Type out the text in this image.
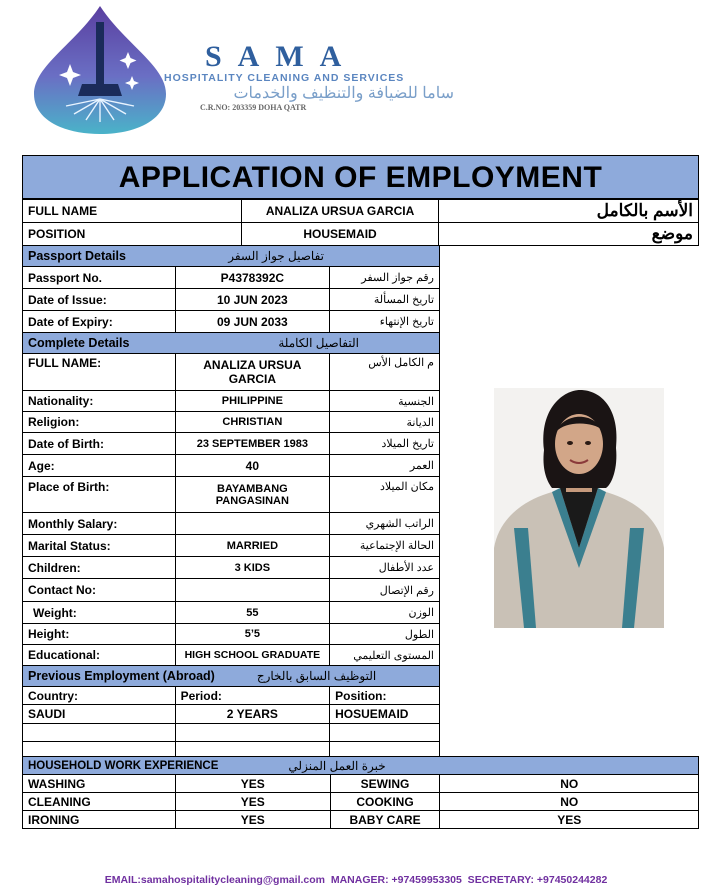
SAMA
HOSPITALITY CLEANING AND SERVICES
ساما للضيافة والتنظيف والخدمات
C.R.NO: 203359 DOHA QATR
APPLICATION OF EMPLOYMENT
FULL NAME	ANALIZA URSUA GARCIA	الأسم بالكامل
POSITION	HOUSEMAID	موضع
Passport Details تفاصيل جواز السفر		

Passport No.	P4378392C	رقم جواز السفر
Date of Issue:	10 JUN 2023	تاريخ المسألة
Date of Expiry:	09 JUN 2033	تاريخ الإنتهاء

Complete Details التفاصيل الكاملة		

FULL NAME:	ANALIZA URSUA GARCIA	م الكامل الأس
Nationality:	PHILIPPINE	الجنسية
Religion:	CHRISTIAN	الديانة
Date of Birth:	23 SEPTEMBER 1983	تاريخ الميلاد
Age:	40	العمر
Place of Birth:	BAYAMBANG PANGASINAN	مكان الميلاد
Monthly Salary:		الراتب الشهري
Marital Status:	MARRIED	الحالة الإجتماعية
Children:	3 KIDS	عدد الأطفال
Contact No:		رقم الإتصال
Weight:	55	الوزن
Height:	5’5	الطول
Educational:	HIGH SCHOOL GRADUATE	المستوى التعليمي

Previous Employment (Abroad) التوظيف السابق بالخارج		

Country:	Period:	Position:
SAUDI	2 YEARS	HOSUEMAID

HOUSEHOLD WORK EXPERIENCE خبرة العمل المنزلي			

WASHING	YES	SEWING	NO
CLEANING	YES	COOKING	NO
IRONING	YES	BABY CARE	YES
EMAIL:samahospitalitycleaning@gmail.com  MANAGER: +97459953305  SECRETARY: +97450244282
